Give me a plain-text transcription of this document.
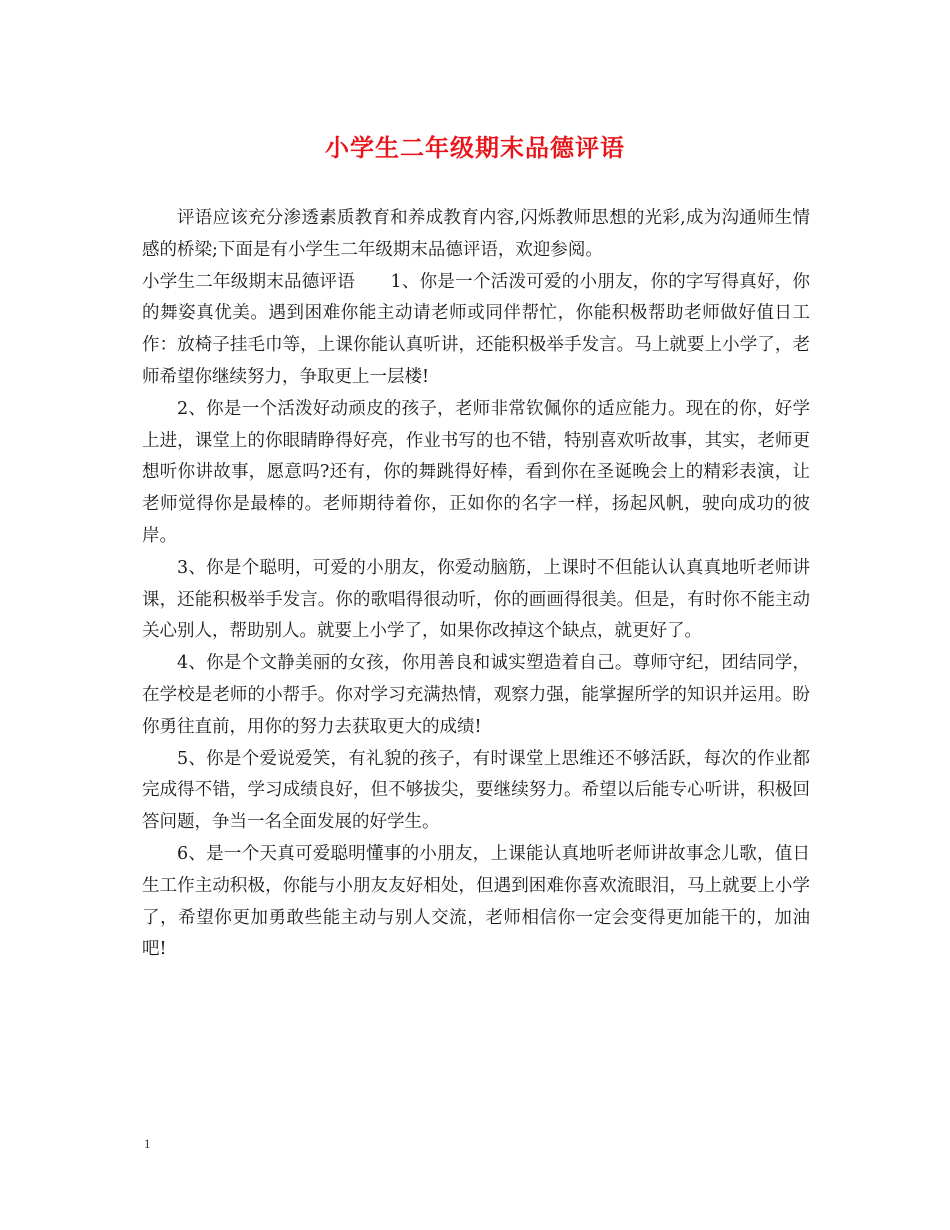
小学生二年级期末品德评语

评语应该充分渗透素质教育和养成教育内容,闪烁教师思想的光彩,成为沟通师生情感的桥梁;下面是有小学生二年级期末品德评语，欢迎参阅。

小学生二年级期末品德评语　　1、你是一个活泼可爱的小朋友，你的字写得真好，你的舞姿真优美。遇到困难你能主动请老师或同伴帮忙，你能积极帮助老师做好值日工作：放椅子挂毛巾等，上课你能认真听讲，还能积极举手发言。马上就要上小学了，老师希望你继续努力，争取更上一层楼!

2、你是一个活泼好动顽皮的孩子，老师非常钦佩你的适应能力。现在的你，好学上进，课堂上的你眼睛睁得好亮，作业书写的也不错，特别喜欢听故事，其实，老师更想听你讲故事，愿意吗?还有，你的舞跳得好棒，看到你在圣诞晚会上的精彩表演，让老师觉得你是最棒的。老师期待着你，正如你的名字一样，扬起风帆，驶向成功的彼岸。

3、你是个聪明，可爱的小朋友，你爱动脑筋，上课时不但能认认真真地听老师讲课，还能积极举手发言。你的歌唱得很动听，你的画画得很美。但是，有时你不能主动关心别人，帮助别人。就要上小学了，如果你改掉这个缺点，就更好了。

4、你是个文静美丽的女孩，你用善良和诚实塑造着自己。尊师守纪，团结同学，在学校是老师的小帮手。你对学习充满热情，观察力强，能掌握所学的知识并运用。盼你勇往直前，用你的努力去获取更大的成绩!

5、你是个爱说爱笑，有礼貌的孩子，有时课堂上思维还不够活跃，每次的作业都完成得不错，学习成绩良好，但不够拔尖，要继续努力。希望以后能专心听讲，积极回答问题，争当一名全面发展的好学生。

6、是一个天真可爱聪明懂事的小朋友，上课能认真地听老师讲故事念儿歌，值日生工作主动积极，你能与小朋友友好相处，但遇到困难你喜欢流眼泪，马上就要上小学了，希望你更加勇敢些能主动与别人交流，老师相信你一定会变得更加能干的，加油吧!

1
